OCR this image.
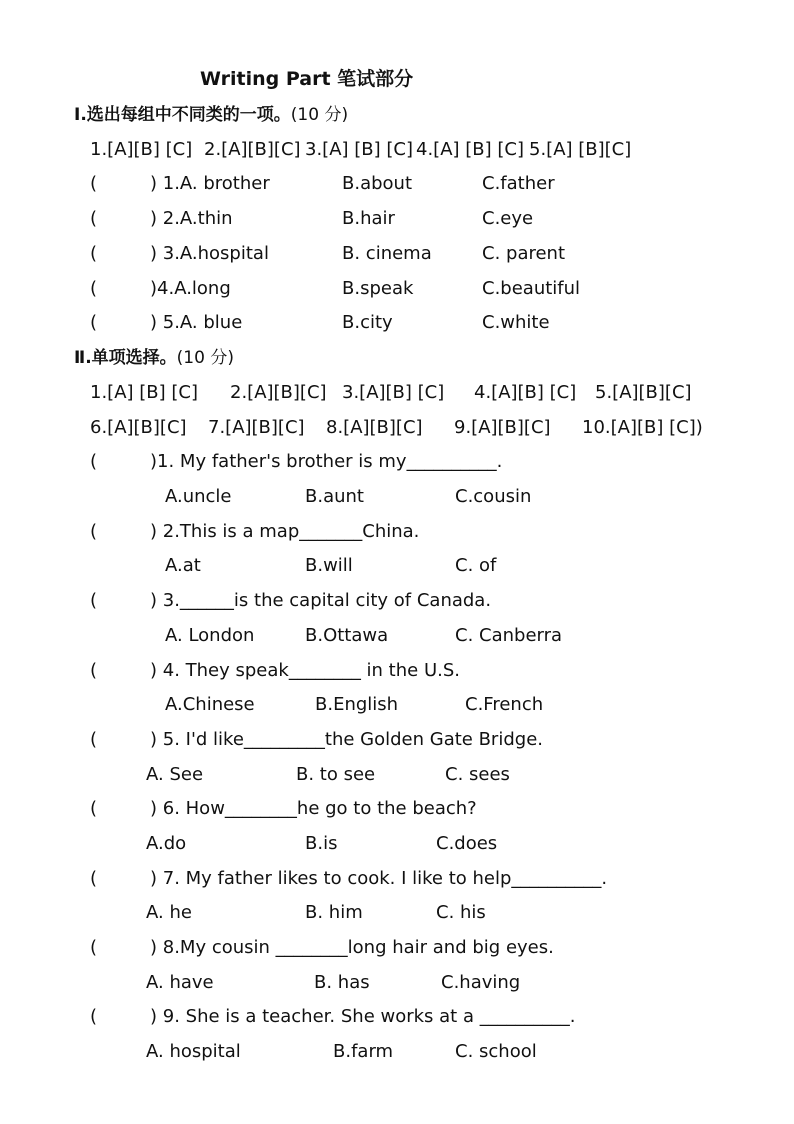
Writing Part 笔试部分
Ⅰ.选出每组中不同类的一项。(10 分)
1.[A][B] [C] 2.[A][B][C] 3.[A] [B] [C] 4.[A] [B] [C] 5.[A] [B][C]
(	) 1.A. brother	B.about	C.father
(	) 2.A.thin	B.hair	C.eye
(	) 3.A.hospital	B. cinema	C. parent
(	)4.A.long	B.speak	C.beautiful
(	) 5.A. blue	B.city	C.white
Ⅱ.单项选择。(10 分)
1.[A] [B] [C] 2.[A][B][C] 3.[A][B] [C] 4.[A][B] [C] 5.[A][B][C]
6.[A][B][C] 7.[A][B][C] 8.[A][B][C] 9.[A][B][C] 10.[A][B] [C])
(	)1. My father's brother is my__________.
A.uncle	B.aunt	C.cousin
(	) 2.This is a map_______China.
A.at	B.will	C. of
(	) 3.______is the capital city of Canada.
A. London	B.Ottawa	C. Canberra
(	) 4. They speak________ in the U.S.
A.Chinese	B.English	C.French
(	) 5. I'd like_________the Golden Gate Bridge.
A. See	B. to see	C. sees
(	) 6. How________he go to the beach?
A.do	B.is	C.does
(	) 7. My father likes to cook. I like to help__________.
A. he	B. him	C. his
(	) 8.My cousin ________long hair and big eyes.
A. have	B. has	C.having
(	) 9. She is a teacher. She works at a __________.
A. hospital	B.farm	C. school
